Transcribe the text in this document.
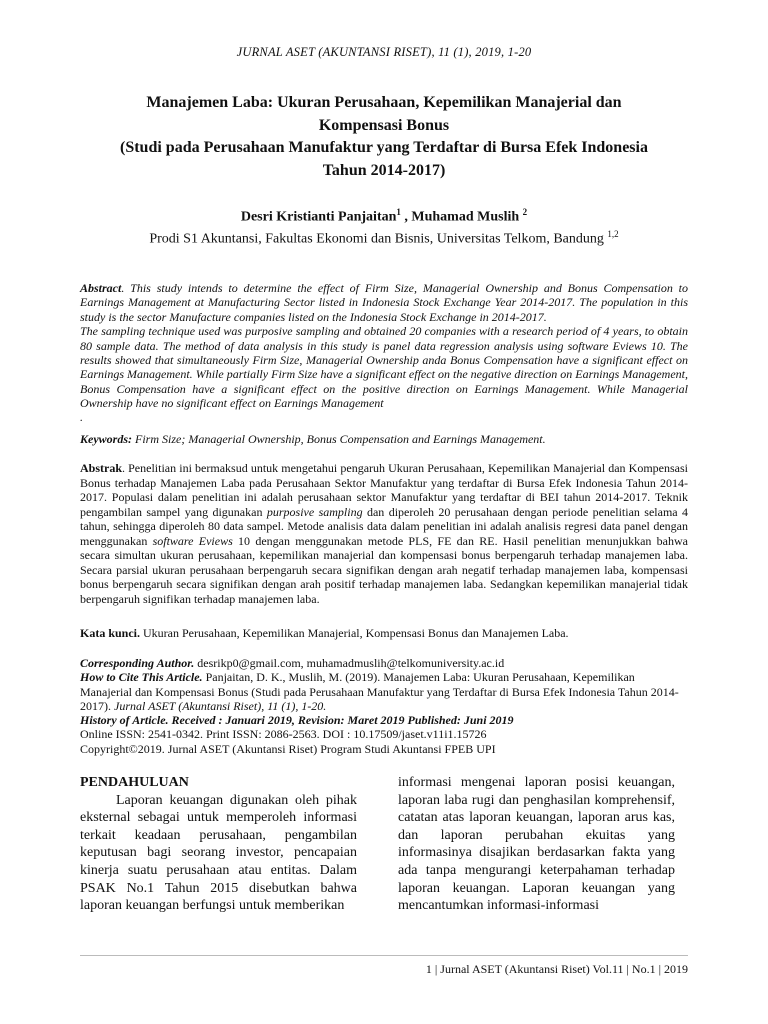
JURNAL ASET (AKUNTANSI RISET), 11 (1), 2019, 1-20
Manajemen Laba: Ukuran Perusahaan, Kepemilikan Manajerial dan
Kompensasi Bonus
(Studi pada Perusahaan Manufaktur yang Terdaftar di Bursa Efek Indonesia
Tahun 2014-2017)
Desri Kristianti Panjaitan$^1$ , Muhamad Muslih $^2$
Prodi S1 Akuntansi, Fakultas Ekonomi dan Bisnis, Universitas Telkom, Bandung $^{1,2}$

Abstract. This study intends to determine the effect of Firm Size, Managerial Ownership and Bonus Compensation to Earnings Management at Manufacturing Sector listed in Indonesia Stock Exchange Year 2014-2017. The population in this study is the sector Manufacture companies listed on the Indonesia Stock Exchange in 2014-2017.

The sampling technique used was purposive sampling and obtained 20 companies with a research period of 4 years, to obtain 80 sample data. The method of data analysis in this study is panel data regression analysis using software Eviews 10. The results showed that simultaneously Firm Size, Managerial Ownership anda Bonus Compensation have a significant effect on Earnings Management. While partially Firm Size have a significant effect on the negative direction on Earnings Management, Bonus Compensation have a significant effect on the positive direction on Earnings Management. While Managerial Ownership have no significant effect on Earnings Management

.

Keywords: Firm Size; Managerial Ownership, Bonus Compensation and Earnings Management.
Abstrak. Penelitian ini bermaksud untuk mengetahui pengaruh Ukuran Perusahaan, Kepemilikan Manajerial dan Kompensasi Bonus terhadap Manajemen Laba pada Perusahaan Sektor Manufaktur yang terdaftar di Bursa Efek Indonesia Tahun 2014-2017. Populasi dalam penelitian ini adalah perusahaan sektor Manufaktur yang terdaftar di BEI tahun 2014-2017. Teknik pengambilan sampel yang digunakan purposive sampling dan diperoleh 20 perusahaan dengan periode penelitian selama 4 tahun, sehingga diperoleh 80 data sampel. Metode analisis data dalam penelitian ini adalah analisis regresi data panel dengan menggunakan software Eviews 10 dengan menggunakan metode PLS, FE dan RE. Hasil penelitian menunjukkan bahwa secara simultan ukuran perusahaan, kepemilikan manajerial dan kompensasi bonus berpengaruh terhadap manajemen laba. Secara parsial ukuran perusahaan berpengaruh secara signifikan dengan arah negatif terhadap manajemen laba, kompensasi bonus berpengaruh secara signifikan dengan arah positif terhadap manajemen laba. Sedangkan kepemilikan manajerial tidak berpengaruh signifikan terhadap manajemen laba.
Kata kunci. Ukuran Perusahaan, Kepemilikan Manajerial, Kompensasi Bonus dan Manajemen Laba.

Corresponding Author. desrikp0@gmail.com, muhamadmuslih@telkomuniversity.ac.id

How to Cite This Article. Panjaitan, D. K., Muslih, M. (2019). Manajemen Laba: Ukuran Perusahaan, Kepemilikan Manajerial dan Kompensasi Bonus (Studi pada Perusahaan Manufaktur yang Terdaftar di Bursa Efek Indonesia Tahun 2014-2017). Jurnal ASET (Akuntansi Riset), 11 (1), 1-20.

History of Article. Received : Januari 2019, Revision: Maret 2019 Published: Juni 2019

Online ISSN: 2541-0342. Print ISSN: 2086-2563. DOI : 10.17509/jaset.v11i1.15726

Copyright©2019. Jurnal ASET (Akuntansi Riset) Program Studi Akuntansi FPEB UPI

PENDAHULUAN

Laporan keuangan digunakan oleh pihak eksternal sebagai untuk memperoleh informasi terkait keadaan perusahaan, pengambilan keputusan bagi seorang investor, pencapaian kinerja suatu perusahaan atau entitas. Dalam PSAK No.1 Tahun 2015 disebutkan bahwa laporan keuangan berfungsi untuk memberikan

informasi mengenai laporan posisi keuangan, laporan laba rugi dan penghasilan komprehensif, catatan atas laporan keuangan, laporan arus kas, dan laporan perubahan ekuitas yang informasinya disajikan berdasarkan fakta yang ada tanpa mengurangi keterpahaman terhadap laporan keuangan. Laporan keuangan yang mencantumkan informasi-informasi

1 | Jurnal ASET (Akuntansi Riset) Vol.11 | No.1 | 2019
